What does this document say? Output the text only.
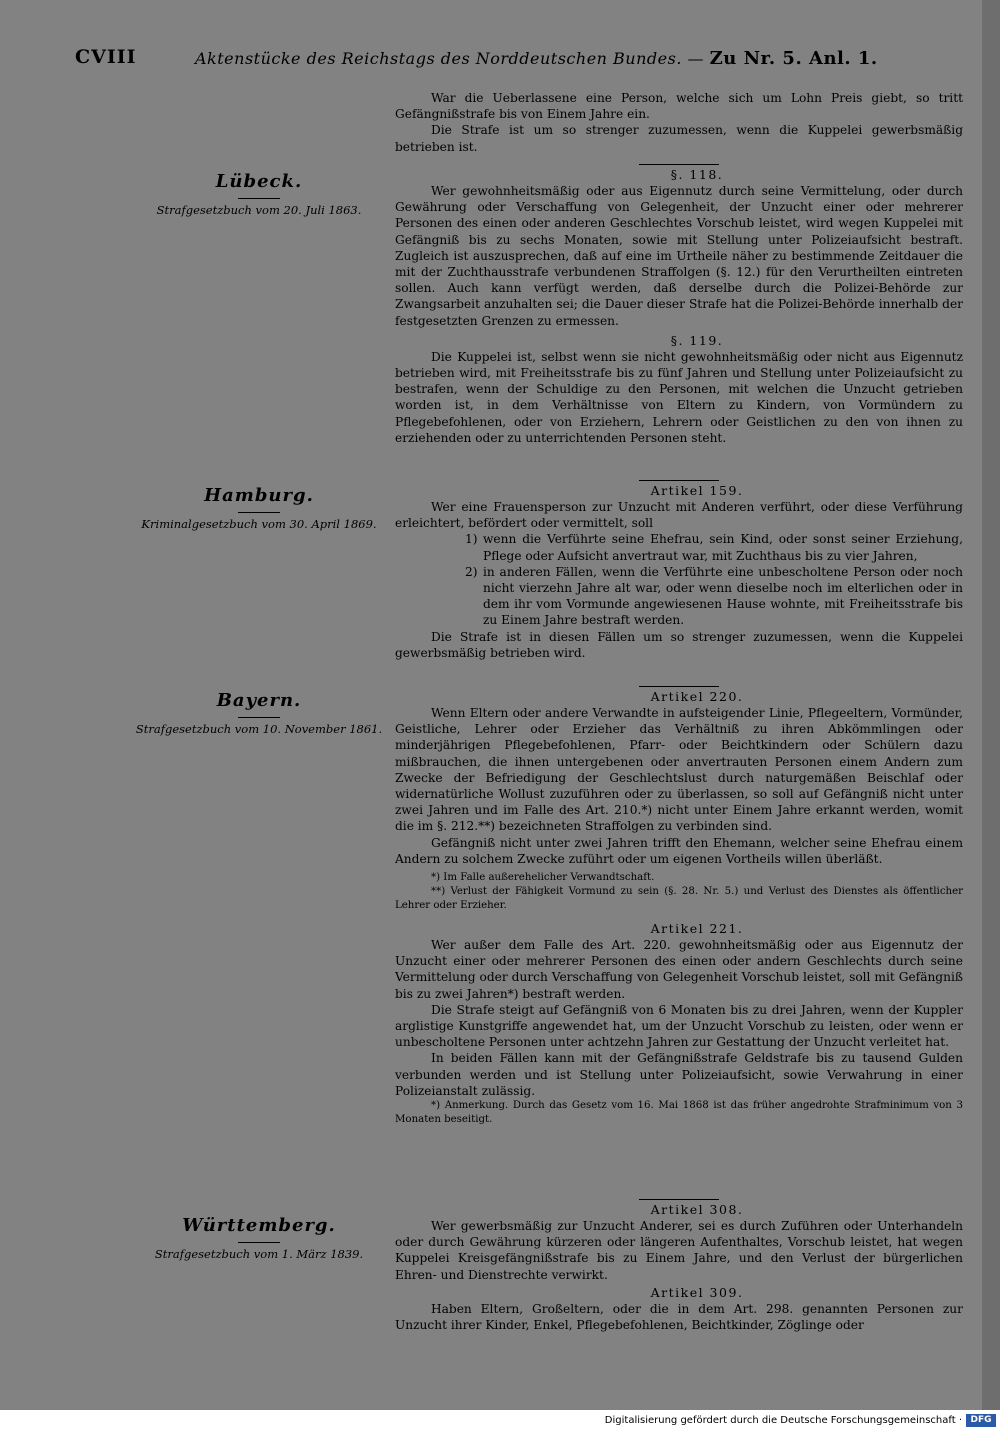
CVIII	Aktenstücke des Reichstags des Norddeutschen Bundes. — Zu Nr. 5. Anl. 1.

Lübeck.

Strafgesetzbuch vom 20. Juli 1863.

Hamburg.

Kriminalgesetzbuch vom 30. April 1869.

Bayern.

Strafgesetzbuch vom 10. November 1861.

Württemberg.

Strafgesetzbuch vom 1. März 1839.

War die Ueberlassene eine Person, welche sich um Lohn Preis giebt, so tritt Gefängnißstrafe bis von Einem Jahre ein.

Die Strafe ist um so strenger zuzumessen, wenn die Kuppelei gewerbsmäßig betrieben ist.

§. 118.

Wer gewohnheitsmäßig oder aus Eigennutz durch seine Vermittelung, oder durch Gewährung oder Verschaffung von Gelegenheit, der Unzucht einer oder mehrerer Personen des einen oder anderen Geschlechtes Vorschub leistet, wird wegen Kuppelei mit Gefängniß bis zu sechs Monaten, sowie mit Stellung unter Polizeiaufsicht bestraft. Zugleich ist auszusprechen, daß auf eine im Urtheile näher zu bestimmende Zeitdauer die mit der Zuchthausstrafe verbundenen Straffolgen (§. 12.) für den Verurtheilten eintreten sollen. Auch kann verfügt werden, daß derselbe durch die Polizei-Behörde zur Zwangsarbeit anzuhalten sei; die Dauer dieser Strafe hat die Polizei-Behörde innerhalb der festgesetzten Grenzen zu ermessen.

§. 119.

Die Kuppelei ist, selbst wenn sie nicht gewohnheitsmäßig oder nicht aus Eigennutz betrieben wird, mit Freiheitsstrafe bis zu fünf Jahren und Stellung unter Polizeiaufsicht zu bestrafen, wenn der Schuldige zu den Personen, mit welchen die Unzucht getrieben worden ist, in dem Verhältnisse von Eltern zu Kindern, von Vormündern zu Pflegebefohlenen, oder von Erziehern, Lehrern oder Geistlichen zu den von ihnen zu erziehenden oder zu unterrichtenden Personen steht.

Artikel 159.

Wer eine Frauensperson zur Unzucht mit Anderen verführt, oder diese Verführung erleichtert, befördert oder vermittelt, soll

1) wenn die Verführte seine Ehefrau, sein Kind, oder sonst seiner Erziehung, Pflege oder Aufsicht anvertraut war, mit Zuchthaus bis zu vier Jahren,
2) in anderen Fällen, wenn die Verführte eine unbescholtene Person oder noch nicht vierzehn Jahre alt war, oder wenn dieselbe noch im elterlichen oder in dem ihr vom Vormunde angewiesenen Hause wohnte, mit Freiheitsstrafe bis zu Einem Jahre bestraft werden.

Die Strafe ist in diesen Fällen um so strenger zuzumessen, wenn die Kuppelei gewerbsmäßig betrieben wird.

Artikel 220.

Wenn Eltern oder andere Verwandte in aufsteigender Linie, Pflegeeltern, Vormünder, Geistliche, Lehrer oder Erzieher das Verhältniß zu ihren Abkömmlingen oder minderjährigen Pflegebefohlenen, Pfarr- oder Beichtkindern oder Schülern dazu mißbrauchen, die ihnen untergebenen oder anvertrauten Personen einem Andern zum Zwecke der Befriedigung der Geschlechtslust durch naturgemäßen Beischlaf oder widernatürliche Wollust zuzuführen oder zu überlassen, so soll auf Gefängniß nicht unter zwei Jahren und im Falle des Art. 210.*) nicht unter Einem Jahre erkannt werden, womit die im §. 212.**) bezeichneten Straffolgen zu verbinden sind.

Gefängniß nicht unter zwei Jahren trifft den Ehemann, welcher seine Ehefrau einem Andern zu solchem Zwecke zuführt oder um eigenen Vortheils willen überläßt.

*) Im Falle außerehelicher Verwandtschaft.

**) Verlust der Fähigkeit Vormund zu sein (§. 28. Nr. 5.) und Verlust des Dienstes als öffentlicher Lehrer oder Erzieher.

Artikel 221.

Wer außer dem Falle des Art. 220. gewohnheitsmäßig oder aus Eigennutz der Unzucht einer oder mehrerer Personen des einen oder andern Geschlechts durch seine Vermittelung oder durch Verschaffung von Gelegenheit Vorschub leistet, soll mit Gefängniß bis zu zwei Jahren*) bestraft werden.

Die Strafe steigt auf Gefängniß von 6 Monaten bis zu drei Jahren, wenn der Kuppler arglistige Kunstgriffe angewendet hat, um der Unzucht Vorschub zu leisten, oder wenn er unbescholtene Personen unter achtzehn Jahren zur Gestattung der Unzucht verleitet hat.

In beiden Fällen kann mit der Gefängnißstrafe Geldstrafe bis zu tausend Gulden verbunden werden und ist Stellung unter Polizeiaufsicht, sowie Verwahrung in einer Polizeianstalt zulässig.

*) Anmerkung. Durch das Gesetz vom 16. Mai 1868 ist das früher angedrohte Strafminimum von 3 Monaten beseitigt.

Artikel 308.

Wer gewerbsmäßig zur Unzucht Anderer, sei es durch Zuführen oder Unterhandeln oder durch Gewährung kürzeren oder längeren Aufenthaltes, Vorschub leistet, hat wegen Kuppelei Kreisgefängnißstrafe bis zu Einem Jahre, und den Verlust der bürgerlichen Ehren- und Dienstrechte verwirkt.

Artikel 309.

Haben Eltern, Großeltern, oder die in dem Art. 298. genannten Personen zur Unzucht ihrer Kinder, Enkel, Pflegebefohlenen, Beichtkinder, Zöglinge oder

Digitalisierung gefördert durch die Deutsche Forschungsgemeinschaft · DFG
